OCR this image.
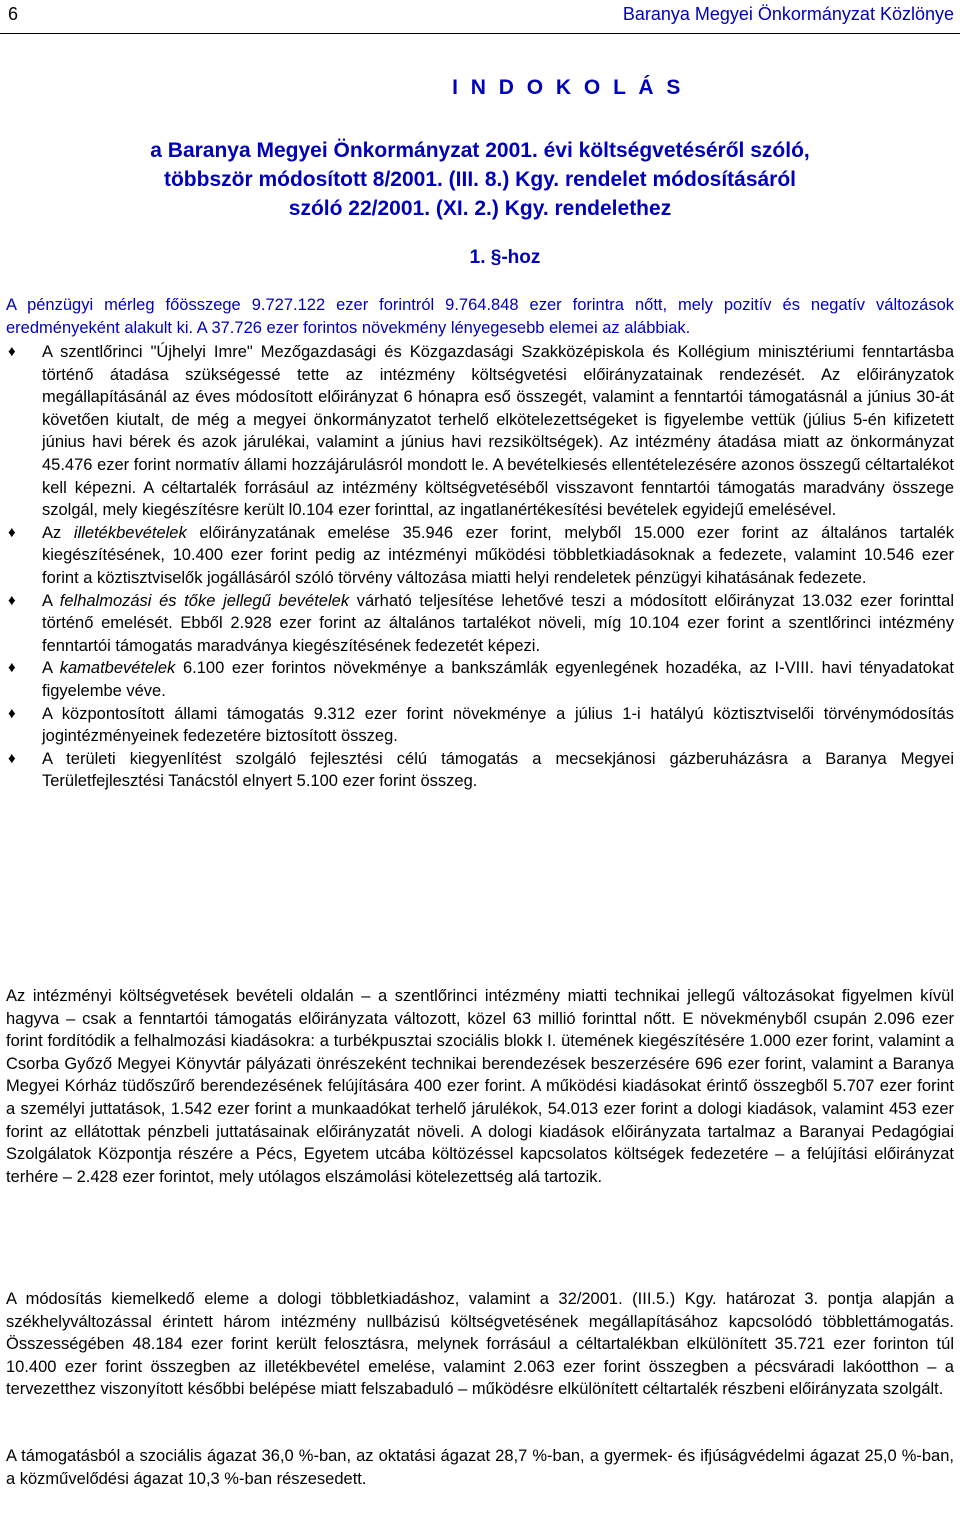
6	Baranya Megyei Önkormányzat Közlönye
I N D O K O L Á S
a Baranya Megyei Önkormányzat 2001. évi költségvetéséről szóló,
többször módosított 8/2001. (III. 8.) Kgy. rendelet módosításáról
szóló 22/2001. (XI. 2.) Kgy. rendelethez
1. §-hoz
A pénzügyi mérleg főösszege 9.727.122 ezer forintról 9.764.848 ezer forintra nőtt, mely pozitív és negatív változások eredményeként alakult ki. A 37.726 ezer forintos növekmény lényegesebb elemei az alábbiak.
♦ A szentlőrinci "Újhelyi Imre" Mezőgazdasági és Közgazdasági Szakközépiskola és Kollégium minisztériumi fenntartásba történő átadása szükségessé tette az intézmény költségvetési előirányzatainak rendezését. Az előirányzatok megállapításánál az éves módosított előirányzat 6 hónapra eső összegét, valamint a fenntartói támogatásnál a június 30-át követően kiutalt, de még a megyei önkormányzatot terhelő elkötelezettségeket is figyelembe vettük (július 5-én kifizetett június havi bérek és azok járulékai, valamint a június havi rezsiköltségek). Az intézmény átadása miatt az önkormányzat 45.476 ezer forint normatív állami hozzájárulásról mondott le. A bevételkiesés ellentételezésére azonos összegű céltartalékot kell képezni. A céltartalék forrásául az intézmény költségvetéséből visszavont fenntartói támogatás maradvány összege szolgál, mely kiegészítésre került l0.104 ezer forinttal, az ingatlanértékesítési bevételek egyidejű emelésével.
♦ Az illetékbevételek előirányzatának emelése 35.946 ezer forint, melyből 15.000 ezer forint az általános tartalék kiegészítésének, 10.400 ezer forint pedig az intézményi működési többletkiadásoknak a fedezete, valamint 10.546 ezer forint a köztisztviselők jogállásáról szóló törvény változása miatti helyi rendeletek pénzügyi kihatásának fedezete.
♦ A felhalmozási és tőke jellegű bevételek várható teljesítése lehetővé teszi a módosított előirányzat 13.032 ezer forinttal történő emelését. Ebből 2.928 ezer forint az általános tartalékot növeli, míg 10.104 ezer forint a szentlőrinci intézmény fenntartói támogatás maradványa kiegészítésének fedezetét képezi.
♦ A kamatbevételek 6.100 ezer forintos növekménye a bankszámlák egyenlegének hozadéka, az I-VIII. havi tényadatokat figyelembe véve.
♦ A központosított állami támogatás 9.312 ezer forint növekménye a július 1-i hatályú köztisztviselői törvénymódosítás jogintézményeinek fedezetére biztosított összeg.
♦ A területi kiegyenlítést szolgáló fejlesztési célú támogatás a mecsekjánosi gázberuházásra a Baranya Megyei Területfejlesztési Tanácstól elnyert 5.100 ezer forint összeg.
Az intézményi költségvetések bevételi oldalán – a szentlőrinci intézmény miatti technikai jellegű változásokat figyelmen kívül hagyva – csak a fenntartói támogatás előirányzata változott, közel 63 millió forinttal nőtt. E növekményből csupán 2.096 ezer forint fordítódik a felhalmozási kiadásokra: a turbékpusztai szociális blokk I. ütemének kiegészítésére 1.000 ezer forint, valamint a Csorba Győző Megyei Könyvtár pályázati önrészeként technikai berendezések beszerzésére 696 ezer forint, valamint a Baranya Megyei Kórház tüdőszűrő berendezésének felújítására 400 ezer forint. A működési kiadásokat érintő összegből 5.707 ezer forint a személyi juttatások, 1.542 ezer forint a munkaadókat terhelő járulékok, 54.013 ezer forint a dologi kiadások, valamint 453 ezer forint az ellátottak pénzbeli juttatásainak előirányzatát növeli. A dologi kiadások előirányzata tartalmaz a Baranyai Pedagógiai Szolgálatok Központja részére a Pécs, Egyetem utcába költözéssel kapcsolatos költségek fedezetére – a felújítási előirányzat terhére – 2.428 ezer forintot, mely utólagos elszámolási kötelezettség alá tartozik.
A módosítás kiemelkedő eleme a dologi többletkiadáshoz, valamint a 32/2001. (III.5.) Kgy. határozat 3. pontja alapján a székhelyváltozással érintett három intézmény nullbázisú költségvetésének megállapításához kapcsolódó többlettámogatás. Összességében 48.184 ezer forint került felosztásra, melynek forrásául a céltartalékban elkülönített 35.721 ezer forinton túl 10.400 ezer forint összegben az illetékbevétel emelése, valamint 2.063 ezer forint összegben a pécsváradi lakóotthon – a tervezetthez viszonyított későbbi belépése miatt felszabaduló – működésre elkülönített céltartalék részbeni előirányzata szolgált.
A támogatásból a szociális ágazat 36,0 %-ban, az oktatási ágazat 28,7 %-ban, a gyermek- és ifjúságvédelmi ágazat 25,0 %-ban, a közművelődési ágazat 10,3 %-ban részesedett.
